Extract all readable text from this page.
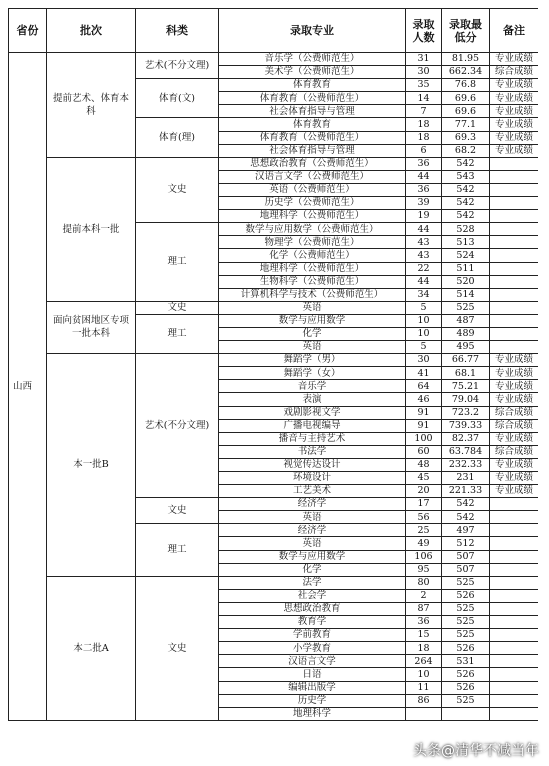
省份	批次	科类	录取专业	录取人数	录取最低分	备注
山西	提前艺术、体育本科	艺术(不分文理)	音乐学（公费师范生）	31	81.95	专业成绩
			美术学（公费师范生）	30	662.34	综合成绩
		体育(文)	体育教育	35	76.8	专业成绩
			体育教育（公费师范生）	14	69.6	专业成绩
			社会体育指导与管理	7	69.6	专业成绩
		体育(理)	体育教育	18	77.1	专业成绩
			体育教育（公费师范生）	18	69.3	专业成绩
			社会体育指导与管理	6	68.2	专业成绩
	提前本科一批	文史	思想政治教育（公费师范生）	36	542	
			汉语言文学（公费师范生）	44	543	
			英语（公费师范生）	36	542	
			历史学（公费师范生）	39	542	
			地理科学（公费师范生）	19	542	
		理工	数学与应用数学（公费师范生）	44	528	
			物理学（公费师范生）	43	513	
			化学（公费师范生）	43	524	
			地理科学（公费师范生）	22	511	
			生物科学（公费师范生）	44	520	
			计算机科学与技术（公费师范生）	34	514	
	面向贫困地区专项一批本科	文史	英语	5	525	
		理工	数学与应用数学	10	487	
			化学	10	489	
			英语	5	495	
	本一批B	艺术(不分文理)	舞蹈学（男）	30	66.77	专业成绩
			舞蹈学（女）	41	68.1	专业成绩
			音乐学	64	75.21	专业成绩
			表演	46	79.04	专业成绩
			戏剧影视文学	91	723.2	综合成绩
			广播电视编导	91	739.33	综合成绩
			播音与主持艺术	100	82.37	专业成绩
			书法学	60	63.784	综合成绩
			视觉传达设计	48	232.33	专业成绩
			环境设计	45	231	专业成绩
			工艺美术	20	221.33	专业成绩
		文史	经济学	17	542	
			英语	56	542	
		理工	经济学	25	497	
			英语	49	512	
			数学与应用数学	106	507	
			化学	95	507	
	本二批A	文史	法学	80	525	
			社会学	2	526	
			思想政治教育	87	525	
			教育学	36	525	
			学前教育	15	525	
			小学教育	18	526	
			汉语言文学	264	531	
			日语	10	526	
			编辑出版学	11	526	
			历史学	86	525	
			地理科学			
头条@清华不减当年
